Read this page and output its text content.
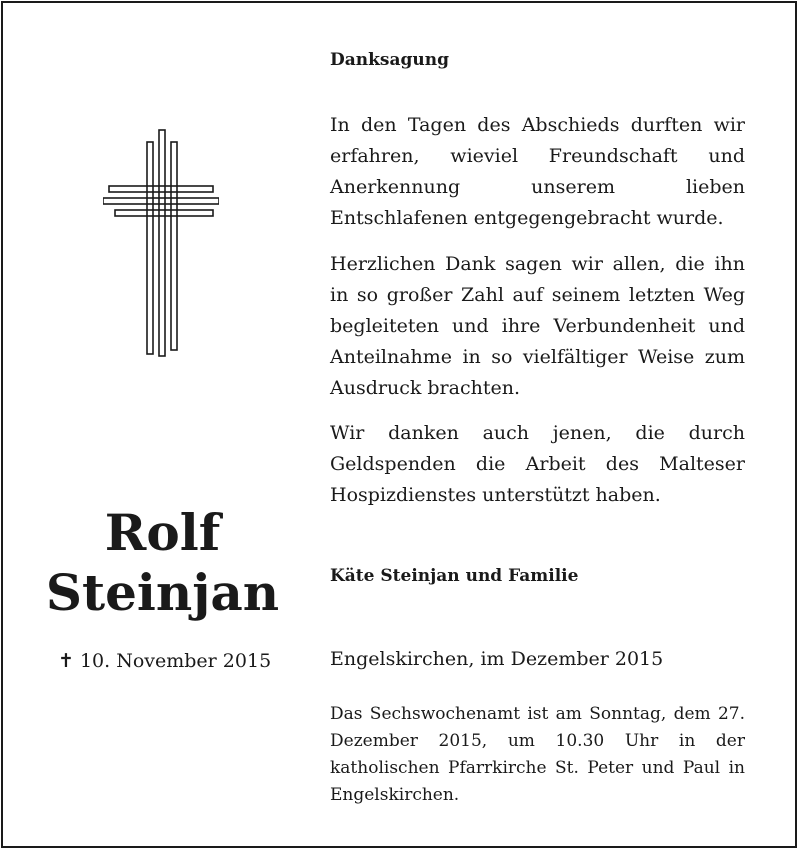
Rolf
Steinjan
✝ 10. November 2015
Danksagung

In den Tagen des Abschieds durften wir erfahren, wieviel Freundschaft und Anerkennung unserem lieben Entschlafenen entgegengebracht wurde.

Herzlichen Dank sagen wir allen, die ihn in so großer Zahl auf seinem letzten Weg begleiteten und ihre Verbundenheit und Anteilnahme in so vielfältiger Weise zum Ausdruck brachten.

Wir danken auch jenen, die durch Geldspenden die Arbeit des Malteser Hospizdienstes unterstützt haben.

Käte Steinjan und Familie
Engelskirchen, im Dezember 2015

Das Sechswochenamt ist am Sonntag, dem 27. Dezember 2015, um 10.30 Uhr in der katholischen Pfarrkirche St. Peter und Paul in Engelskirchen.
